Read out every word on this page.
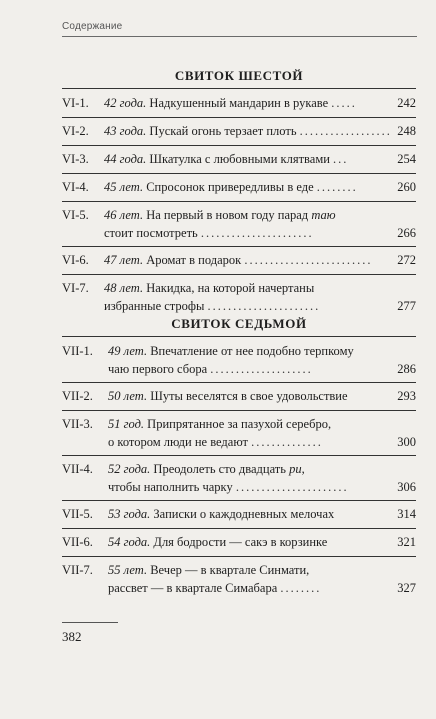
Содержание
СВИТОК ШЕСТОЙ
VI-1. 42 года. Надкушенный мандарин в рукаве .....	242
VI-2. 43 года. Пускай огонь терзает плоть .................. 248
VI-3. 44 года. Шкатулка с любовными клятвами ...	254
VI-4. 45 лет. Спросонок привередливы в еде ........	260
VI-5. 46 лет. На первый в новом году парад таю
стоит посмотреть ......................	266
VI-6. 47 лет. Аромат в подарок .........................	272
VI-7. 48 лет. Накидка, на которой начертаны
избранные строфы ......................	277
СВИТОК СЕДЬМОЙ
VII-1. 49 лет. Впечатление от нее подобно терпкому
чаю первого сбора ....................	286
VII-2. 50 лет. Шуты веселятся в свое удовольствие	293
VII-3. 51 год. Припрятанное за пазухой серебро,
о котором люди не ведают ..............	300
VII-4. 52 года. Преодолеть сто двадцать ри,
чтобы наполнить чарку ......................	306
VII-5. 53 года. Записки о каждодневных мелочах	314
VII-6. 54 года. Для бодрости — сакэ в корзинке	321
VII-7. 55 лет. Вечер — в квартале Синмати,
рассвет — в квартале Симабара ........	327
382
